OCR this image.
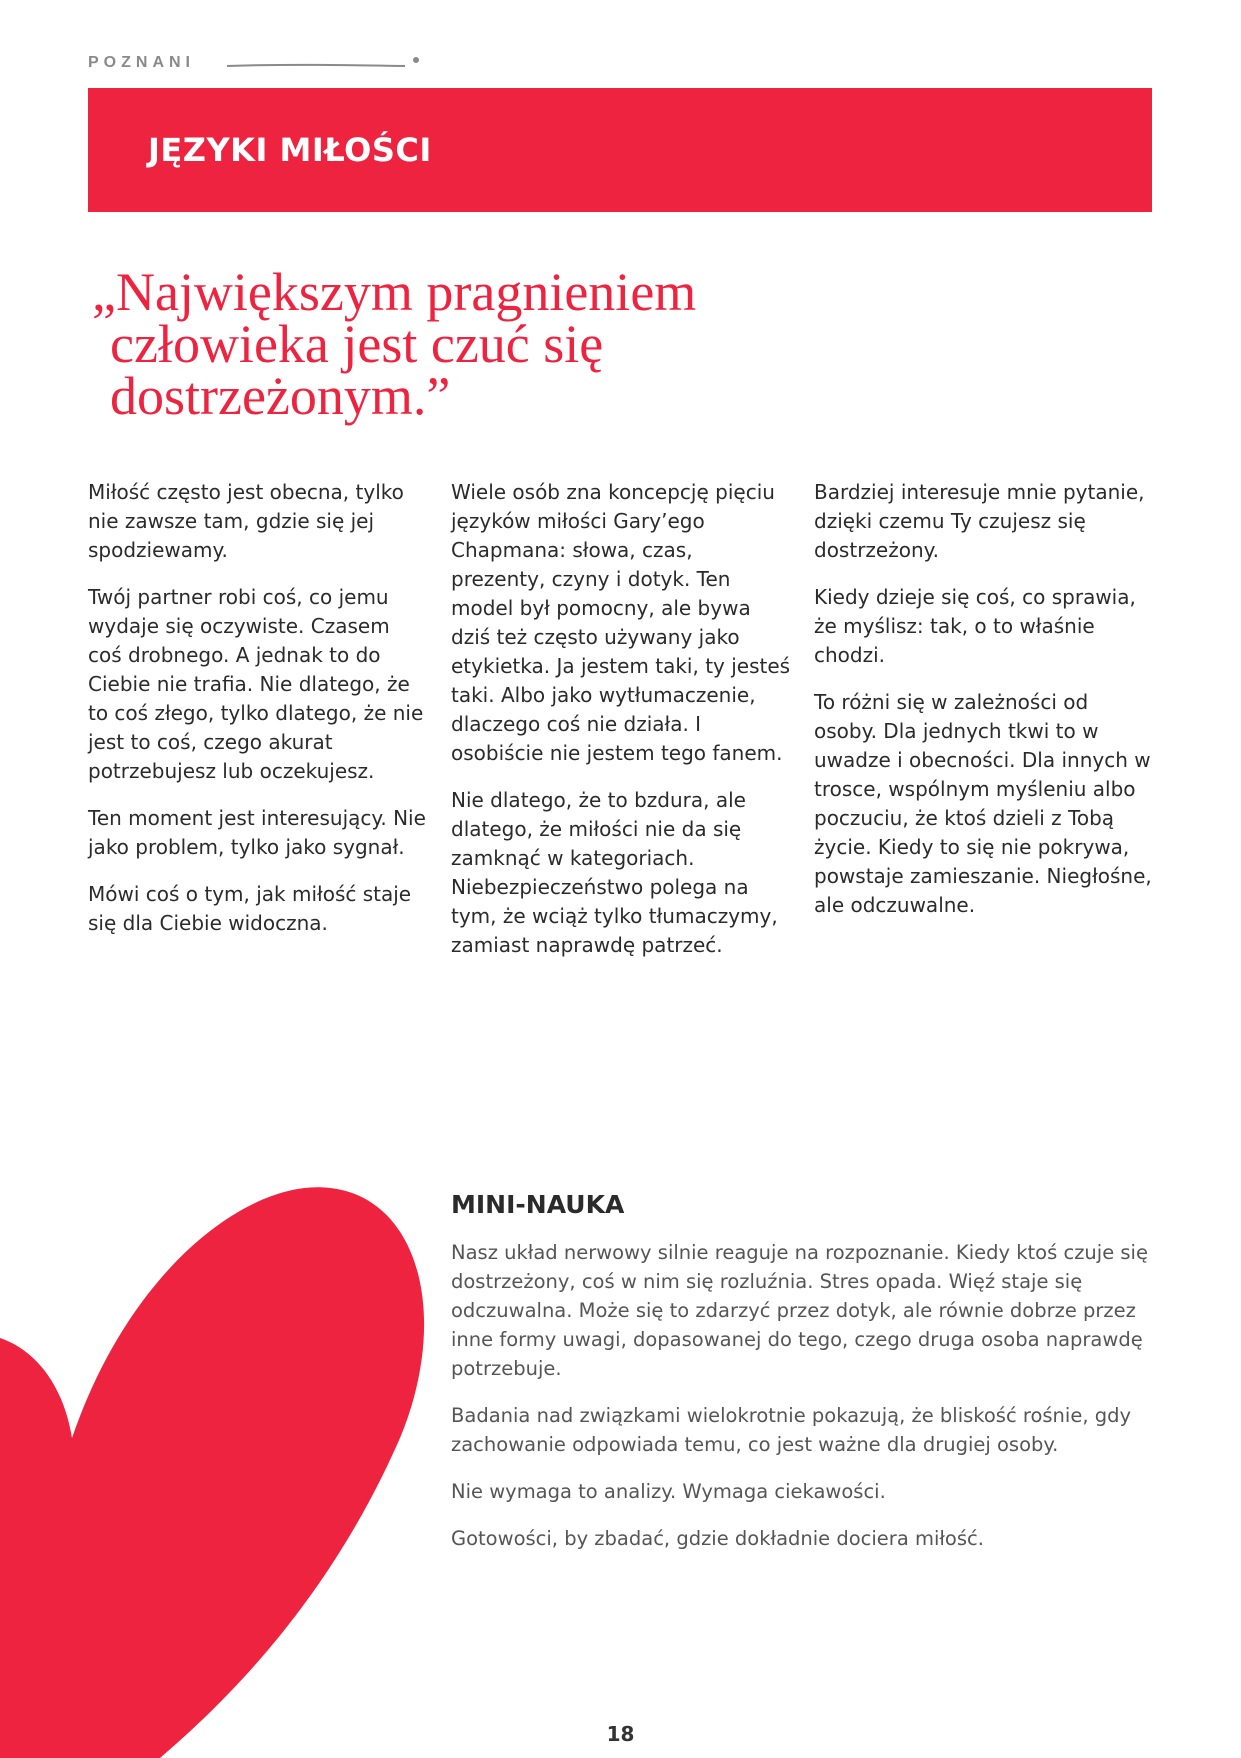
POZNANI
JĘZYKI MIŁOŚCI
„Największym pragnieniem
człowieka jest czuć się
dostrzeżonym.”

Miłość często jest obecna, tylko nie zawsze tam, gdzie się jej spodziewamy.

Twój partner robi coś, co jemu wydaje się oczywiste. Czasem coś drobnego. A jednak to do Ciebie nie trafia. Nie dlatego, że to coś złego, tylko dlatego, że nie jest to coś, czego akurat potrzebujesz lub oczekujesz.

Ten moment jest interesujący. Nie jako problem, tylko jako sygnał.

Mówi coś o tym, jak miłość staje się dla Ciebie widoczna.

Wiele osób zna koncepcję pięciu języków miłości Gary’ego Chapmana: słowa, czas, prezenty, czyny i dotyk. Ten model był pomocny, ale bywa dziś też często używany jako etykietka. Ja jestem taki, ty jesteś taki. Albo jako wytłumaczenie, dlaczego coś nie działa. I osobiście nie jestem tego fanem.

Nie dlatego, że to bzdura, ale dlatego, że miłości nie da się zamknąć w kategoriach. Niebezpieczeństwo polega na tym, że wciąż tylko tłumaczymy, zamiast naprawdę patrzeć.

Bardziej interesuje mnie pytanie, dzięki czemu Ty czujesz się dostrzeżony.

Kiedy dzieje się coś, co sprawia, że myślisz: tak, o to właśnie chodzi.

To różni się w zależności od osoby. Dla jednych tkwi to w uwadze i obecności. Dla innych w trosce, wspólnym myśleniu albo poczuciu, że ktoś dzieli z Tobą życie. Kiedy to się nie pokrywa, powstaje zamieszanie. Niegłośne, ale odczuwalne.

MINI-NAUKA

Nasz układ nerwowy silnie reaguje na rozpoznanie. Kiedy ktoś czuje się dostrzeżony, coś w nim się rozluźnia. Stres opada. Więź staje się odczuwalna. Może się to zdarzyć przez dotyk, ale równie dobrze przez inne formy uwagi, dopasowanej do tego, czego druga osoba naprawdę potrzebuje.

Badania nad związkami wielokrotnie pokazują, że bliskość rośnie, gdy zachowanie odpowiada temu, co jest ważne dla drugiej osoby.

Nie wymaga to analizy. Wymaga ciekawości.

Gotowości, by zbadać, gdzie dokładnie dociera miłość.

18
